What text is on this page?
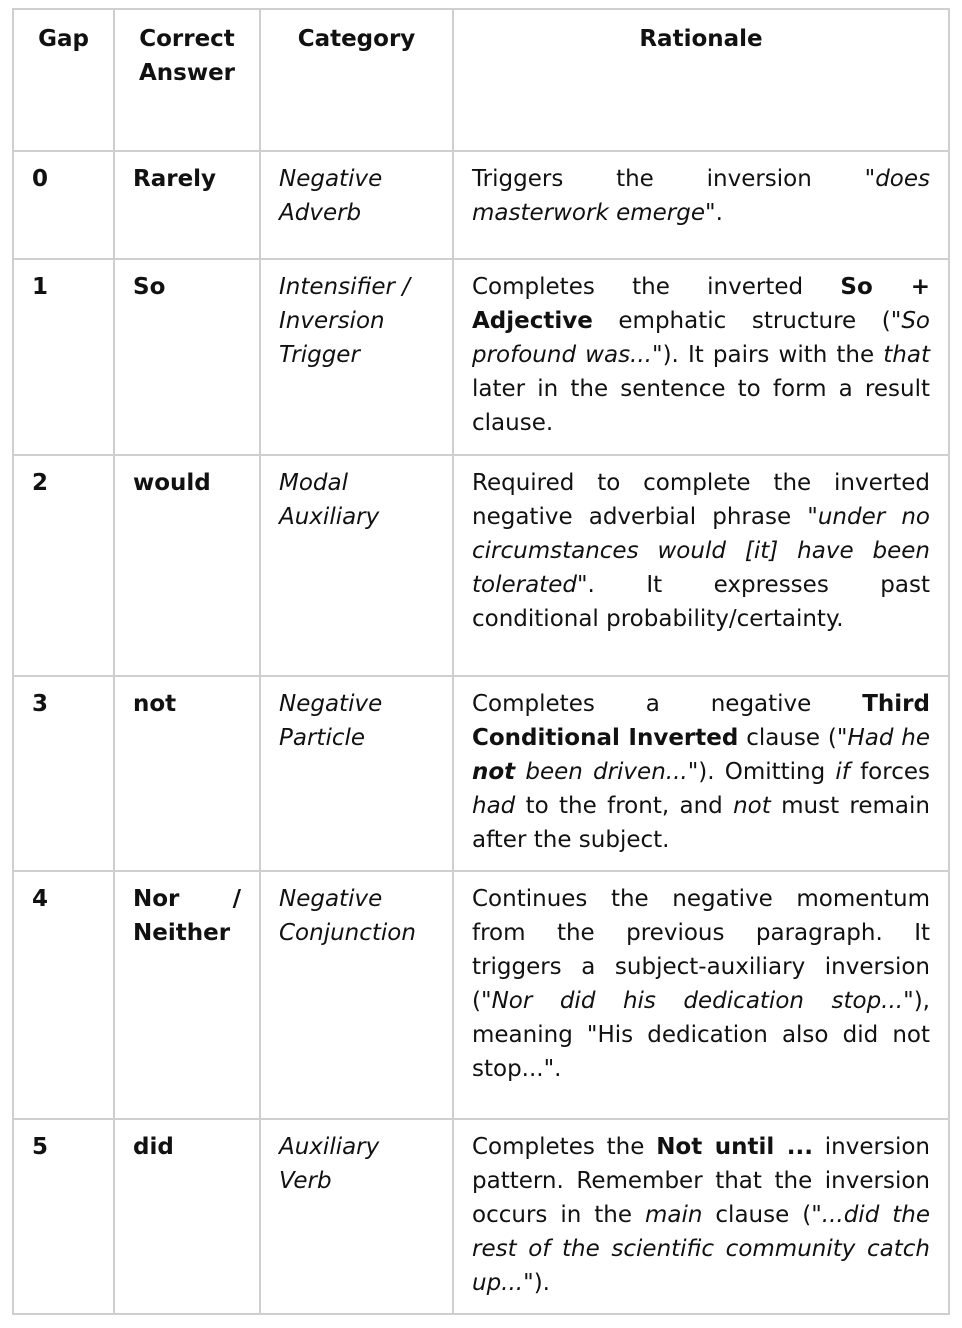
Gap	Correct Answer	Category	Rationale
0	Rarely	Negative Adverb	Triggers the inversion "does masterwork emerge".
1	So	Intensifier / Inversion Trigger	Completes the inverted So + Adjective emphatic structure ("So profound was..."). It pairs with the that later in the sentence to form a result clause.
2	would	Modal Auxiliary	Required to complete the inverted negative adverbial phrase "under no circumstances would [it] have been tolerated". It expresses past conditional probability/certainty.
3	not	Negative Particle	Completes a negative Third Conditional Inverted clause ("Had he not been driven..."). Omitting if forces had to the front, and not must remain after the subject.
4	Nor / Neither	Negative Conjunction	Continues the negative momentum from the previous paragraph. It triggers a subject-auxiliary inversion ("Nor did his dedication stop..."), meaning "His dedication also did not stop...".
5	did	Auxiliary Verb	Completes the Not until ... inversion pattern. Remember that the inversion occurs in the main clause ("...did the rest of the scientific community catch up...").
